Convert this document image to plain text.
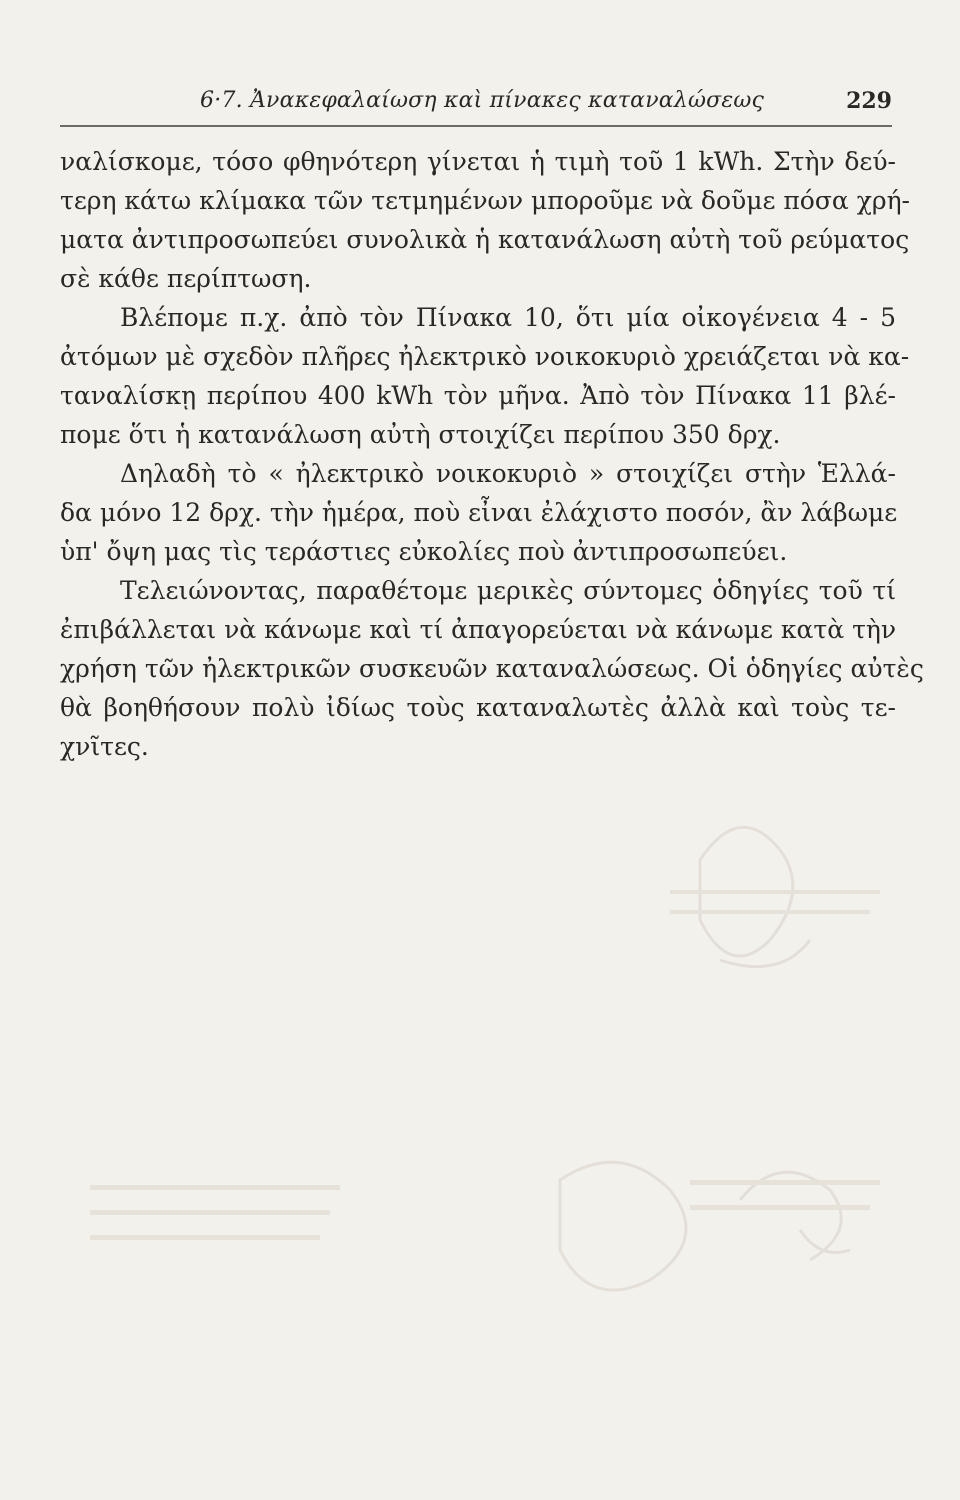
6·7. Ἀνακεφαλαίωση καὶ πίνακες καταναλώσεως	229
ναλίσκομε, τόσο φθηνότερη γίνεται ἡ τιμὴ τοῦ 1 kWh. Στὴν δεύ-
τερη κάτω κλίμακα τῶν τετμημένων μποροῦμε νὰ δοῦμε πόσα χρή-
ματα ἀντιπροσωπεύει συνολικὰ ἡ κατανάλωση αὐτὴ τοῦ ρεύματος
σὲ κάθε περίπτωση.
Βλέπομε π.χ. ἀπὸ τὸν Πίνακα 10, ὅτι μία οἰκογένεια 4 - 5
ἀτόμων μὲ σχεδὸν πλῆρες ἠλεκτρικὸ νοικοκυριὸ χρειάζεται νὰ κα-
ταναλίσκῃ περίπου 400 kWh τὸν μῆνα. Ἀπὸ τὸν Πίνακα 11 βλέ-
πομε ὅτι ἡ κατανάλωση αὐτὴ στοιχίζει περίπου 350 δρχ.
Δηλαδὴ τὸ « ἠλεκτρικὸ νοικοκυριὸ » στοιχίζει στὴν Ἑλλά-
δα μόνο 12 δρχ. τὴν ἡμέρα, ποὺ εἶναι ἐλάχιστο ποσόν, ἂν λάβωμε
ὑπ' ὄψη μας τὶς τεράστιες εὐκολίες ποὺ ἀντιπροσωπεύει.
Τελειώνοντας, παραθέτομε μερικὲς σύντομες ὁδηγίες τοῦ τί
ἐπιβάλλεται νὰ κάνωμε καὶ τί ἀπαγορεύεται νὰ κάνωμε κατὰ τὴν
χρήση τῶν ἠλεκτρικῶν συσκευῶν καταναλώσεως. Οἱ ὁδηγίες αὐτὲς
θὰ βοηθήσουν πολὺ ἰδίως τοὺς καταναλωτὲς ἀλλὰ καὶ τοὺς τε-
χνῖτες.
